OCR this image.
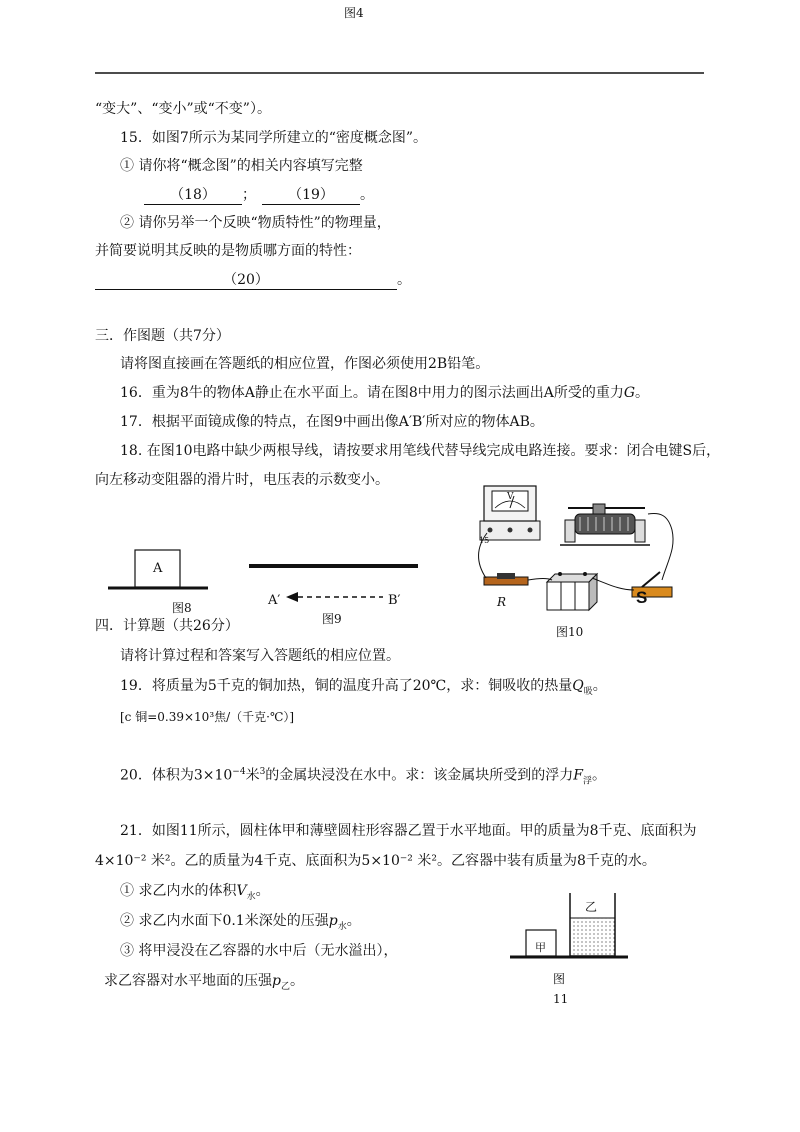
图4
“变大”、“变小”或“不变”）。
15．如图7所示为某同学所建立的“密度概念图”。
① 请你将“概念图”的相关内容填写完整
（18） ； （19） 。
② 请你另举一个反映“物质特性”的物理量，
并简要说明其反映的是物质哪方面的特性：
（20）	。
三．作图题（共7分）
请将图直接画在答题纸的相应位置，作图必须使用2B铅笔。
16．重为8牛的物体A静止在水平面上。请在图8中用力的图示法画出A所受的重力G。
17．根据平面镜成像的特点，在图9中画出像A′B′所对应的物体AB。
18. 在图10电路中缺少两根导线，请按要求用笔线代替导线完成电路连接。要求：闭合电键S后，
向左移动变阻器的滑片时，电压表的示数变小。
A
图8	A′	B′
图9
V
15
R	S
图10
四．计算题（共26分）
请将计算过程和答案写入答题纸的相应位置。
19．将质量为5千克的铜加热，铜的温度升高了20℃，求：铜吸收的热量$Q_吸$。
[c 铜=0.39×10³焦/（千克·℃）]
20．体积为$3\times 10^{-4}$米$^3$的金属块浸没在水中。求：该金属块所受到的浮力$F_浮$。
21．如图11所示，圆柱体甲和薄壁圆柱形容器乙置于水平地面。甲的质量为8千克、底面积为
4×10⁻² 米²。乙的质量为4千克、底面积为5×10⁻² 米²。乙容器中装有质量为8千克的水。
① 求乙内水的体积$V_水$。
② 求乙内水面下0.1米深处的压强$p_水$。
③ 将甲浸没在乙容器的水中后（无水溢出），
求乙容器对水平地面的压强$p_乙$。
乙
甲
图
11
